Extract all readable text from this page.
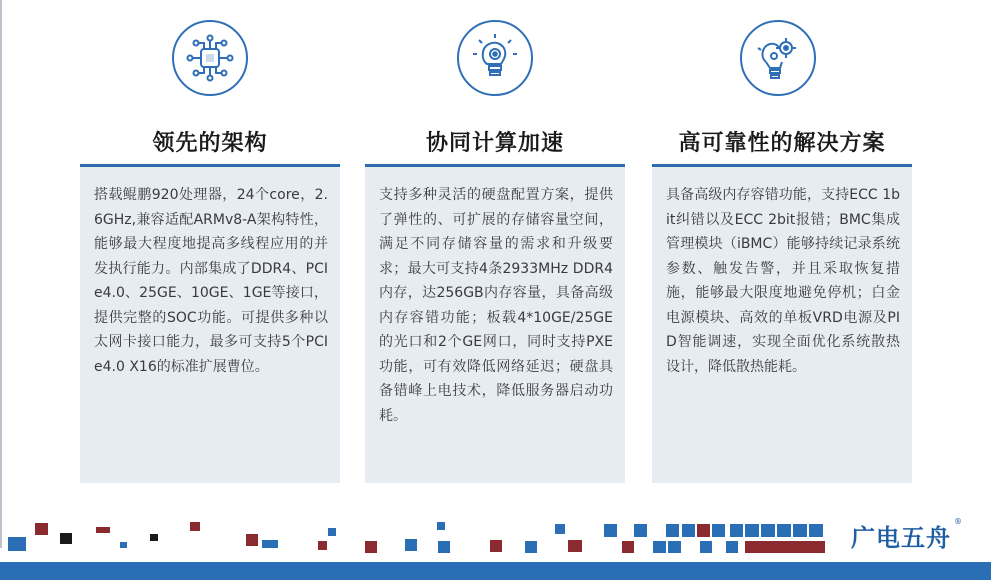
领先的架构
搭载鲲鹏920处理器，24个core，2.6GHz,兼容适配ARMv8-A架构特性，能够最大程度地提高多线程应用的并发执行能力。内部集成了DDR4、PCIe4.0、25GE、10GE、1GE等接口，提供完整的SOC功能。可提供多种以太网卡接口能力，最多可支持5个PCIe4.0 X16的标准扩展曹位。
协同计算加速
支持多种灵活的硬盘配置方案，提供了弹性的、可扩展的存储容量空间，满足不同存储容量的需求和升级要求；最大可支持4条2933MHz DDR4 内存，达256GB内存容量，具备高级内存容错功能；板载4*10GE/25GE的光口和2个GE网口，同时支持PXE功能，可有效降低网络延迟；硬盘具备错峰上电技术，降低服务器启动功耗。
高可靠性的解决方案
具备高级内存容错功能，支持ECC 1bit纠错以及ECC 2bit报错；BMC集成管理模块（iBMC）能够持续记录系统参数、触发告警，并且采取恢复措施，能够最大限度地避免停机；白金电源模块、高效的单板VRD电源及PID智能调速，实现全面优化系统散热设计，降低散热能耗。
广电五舟
®
